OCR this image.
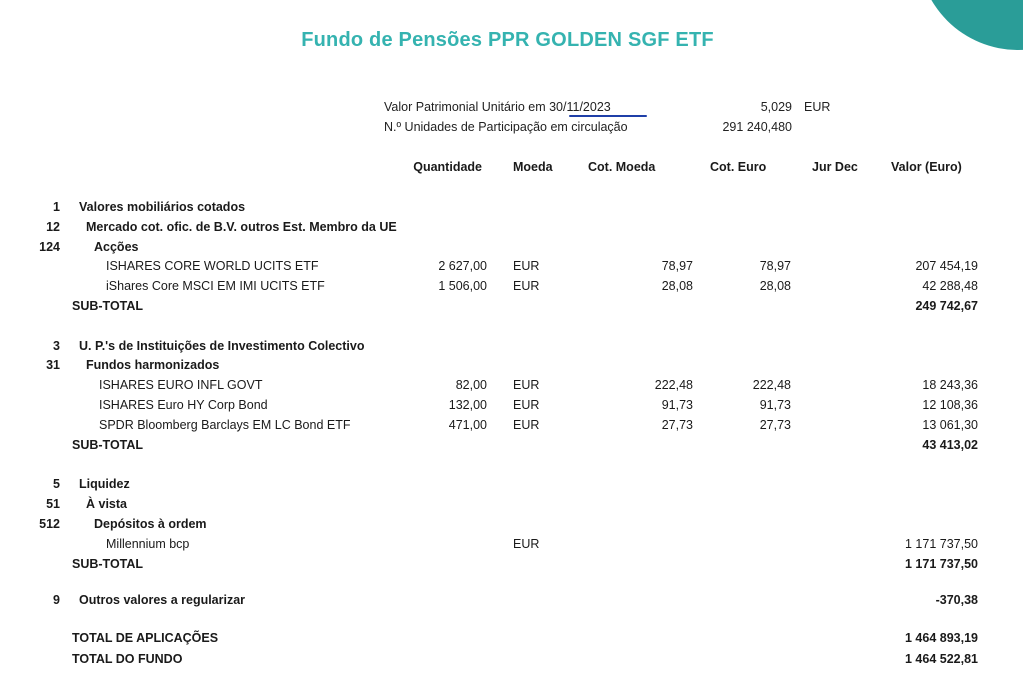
Fundo de Pensões PPR GOLDEN SGF ETF
Valor Patrimonial Unitário em 30/11/2023	5,029 EUR
N.º Unidades de Participação em circulação	291 240,480
Quantidade Moeda	Cot. Moeda	Cot. Euro	Jur Dec	Valor (Euro)
1 Valores mobiliários cotados
12 Mercado cot. ofic. de B.V. outros Est. Membro da UE
124	Acções
ISHARES CORE WORLD UCITS ETF	2 627,00 EUR	78,97	78,97	207 454,19
iShares Core MSCI EM IMI UCITS ETF	1 506,00 EUR	28,08	28,08	42 288,48
SUB-TOTAL	249 742,67
3 U. P.'s de Instituições de Investimento Colectivo
31 Fundos harmonizados
ISHARES EURO INFL GOVT	82,00 EUR	222,48	222,48	18 243,36
ISHARES Euro HY Corp Bond	132,00 EUR	91,73	91,73	12 108,36
SPDR Bloomberg Barclays EM LC Bond ETF	471,00 EUR	27,73	27,73	13 061,30
SUB-TOTAL	43 413,02
5 Liquidez
51 À vista
512	Depósitos à ordem
Millennium bcp	EUR	1 171 737,50
SUB-TOTAL	1 171 737,50
9 Outros valores a regularizar	-370,38
TOTAL DE APLICAÇÕES	1 464 893,19
TOTAL DO FUNDO	1 464 522,81
